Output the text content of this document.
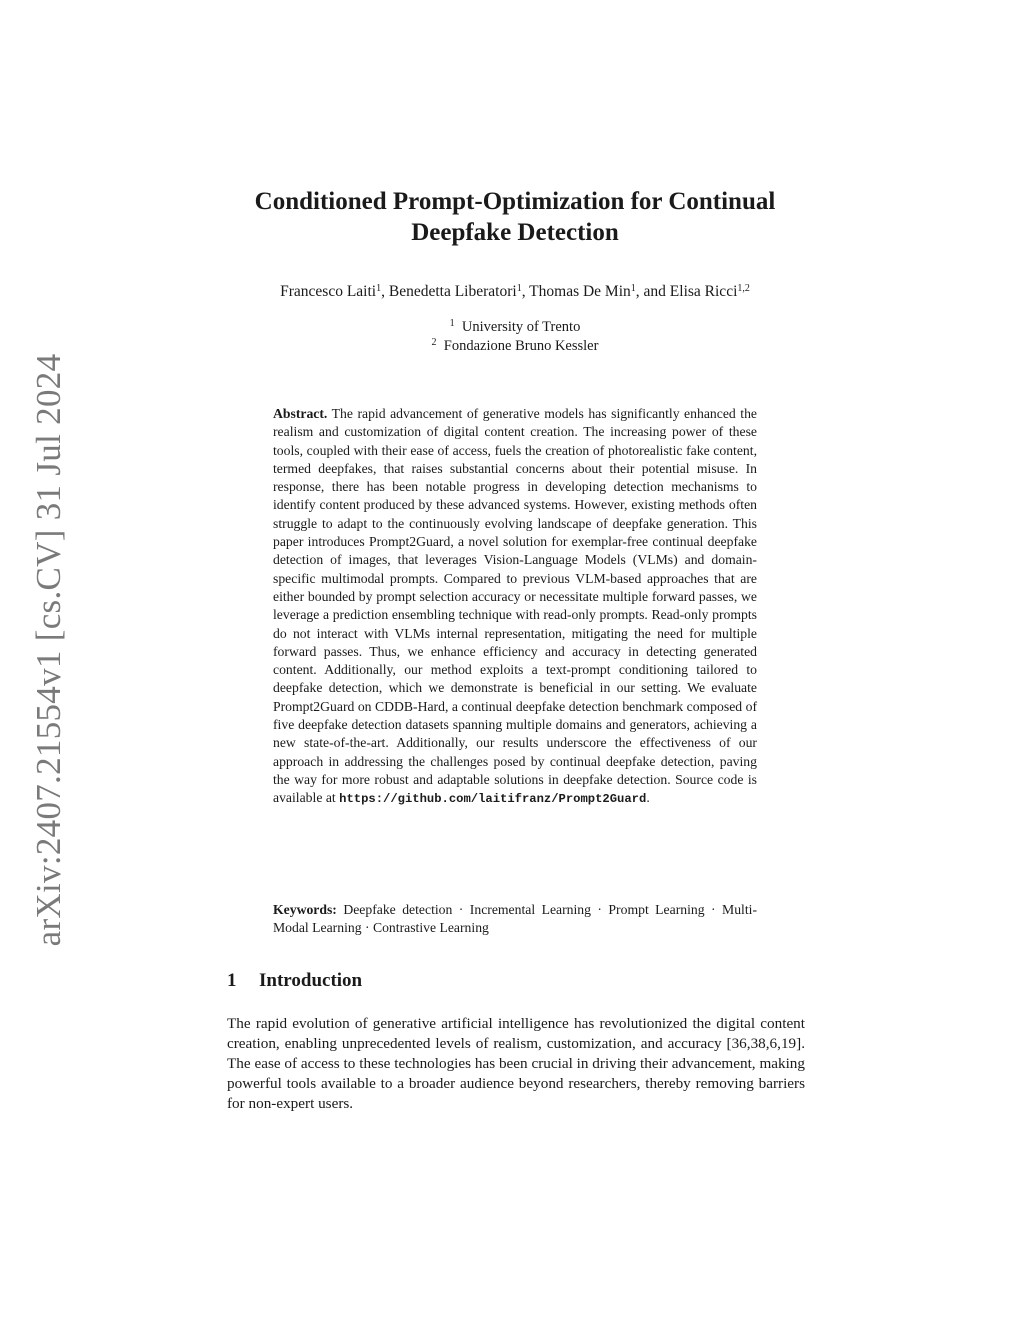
arXiv:2407.21554v1 [cs.CV] 31 Jul 2024
Conditioned Prompt-Optimization for Continual
Deepfake Detection
Francesco Laiti$^1$, Benedetta Liberatori$^1$, Thomas De Min$^1$, and Elisa Ricci$^{1,2}$
$^1$ University of Trento
$^2$ Fondazione Bruno Kessler
Abstract. The rapid advancement of generative models has significantly enhanced the realism and customization of digital content creation. The increasing power of these tools, coupled with their ease of access, fuels the creation of photorealistic fake content, termed deepfakes, that raises substantial concerns about their potential misuse. In response, there has been notable progress in developing detection mechanisms to identify content produced by these advanced systems. However, existing methods often struggle to adapt to the continuously evolving landscape of deepfake generation. This paper introduces Prompt2Guard, a novel solution for exemplar-free continual deepfake detection of images, that leverages Vision-Language Models (VLMs) and domain-specific multimodal prompts. Compared to previous VLM-based approaches that are either bounded by prompt selection accuracy or necessitate multiple forward passes, we leverage a prediction ensembling technique with read-only prompts. Read-only prompts do not interact with VLMs internal representation, mitigating the need for multiple forward passes. Thus, we enhance efficiency and accuracy in detecting generated content. Additionally, our method exploits a text-prompt conditioning tailored to deepfake detection, which we demonstrate is beneficial in our setting. We evaluate Prompt2Guard on CDDB-Hard, a continual deepfake detection benchmark composed of five deepfake detection datasets spanning multiple domains and generators, achieving a new state-of-the-art. Additionally, our results underscore the effectiveness of our approach in addressing the challenges posed by continual deepfake detection, paving the way for more robust and adaptable solutions in deepfake detection. Source code is available at https://github.com/laitifranz/Prompt2Guard.
Keywords: Deepfake detection · Incremental Learning · Prompt Learning · Multi-Modal Learning · Contrastive Learning
1 Introduction
The rapid evolution of generative artificial intelligence has revolutionized the digital content creation, enabling unprecedented levels of realism, customization, and accuracy [36,38,6,19]. The ease of access to these technologies has been crucial in driving their advancement, making powerful tools available to a broader audience beyond researchers, thereby removing barriers for non-expert users.
